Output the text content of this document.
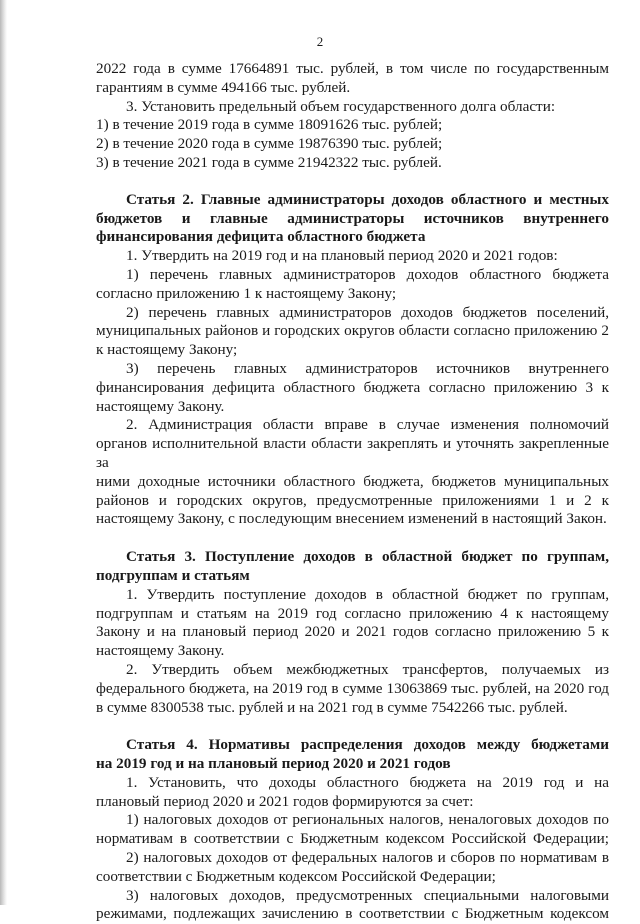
2

2022 года в сумме 17664891 тыс. рублей, в том числе по государственным

гарантиям в сумме 494166 тыс. рублей.

3. Установить предельный объем государственного долга области:

1) в течение 2019 года в сумме 18091626 тыс. рублей;

2) в течение 2020 года в сумме 19876390 тыс. рублей;

3) в течение 2021 года в сумме 21942322 тыс. рублей.

Статья 2. Главные администраторы доходов областного и местных

бюджетов и главные администраторы источников внутреннего

финансирования дефицита областного бюджета

1. Утвердить на 2019 год и на плановый период 2020 и 2021 годов:

1) перечень главных администраторов доходов областного бюджета

согласно приложению 1 к настоящему Закону;

2) перечень главных администраторов доходов бюджетов поселений,

муниципальных районов и городских округов области согласно приложению 2

к настоящему Закону;

3) перечень главных администраторов источников внутреннего

финансирования дефицита областного бюджета согласно приложению 3 к

настоящему Закону.

2. Администрация области вправе в случае изменения полномочий

органов исполнительной власти области закреплять и уточнять закрепленные за

ними доходные источники областного бюджета, бюджетов муниципальных

районов и городских округов, предусмотренные приложениями 1 и 2 к

настоящему Закону, с последующим внесением изменений в настоящий Закон.

Статья 3. Поступление доходов в областной бюджет по группам,

подгруппам и статьям

1. Утвердить поступление доходов в областной бюджет по группам,

подгруппам и статьям на 2019 год согласно приложению 4 к настоящему

Закону и на плановый период 2020 и 2021 годов согласно приложению 5 к

настоящему Закону.

2. Утвердить объем межбюджетных трансфертов, получаемых из

федерального бюджета, на 2019 год в сумме 13063869 тыс. рублей, на 2020 год

в сумме 8300538 тыс. рублей и на 2021 год в сумме 7542266 тыс. рублей.

Статья 4. Нормативы распределения доходов между бюджетами

на 2019 год и на плановый период 2020 и 2021 годов

1. Установить, что доходы областного бюджета на 2019 год и на

плановый период 2020 и 2021 годов формируются за счет:

1) налоговых доходов от региональных налогов, неналоговых доходов по

нормативам в соответствии с Бюджетным кодексом Российской Федерации;

2) налоговых доходов от федеральных налогов и сборов по нормативам в

соответствии с Бюджетным кодексом Российской Федерации;

3) налоговых доходов, предусмотренных специальными налоговыми

режимами, подлежащих зачислению в соответствии с Бюджетным кодексом
